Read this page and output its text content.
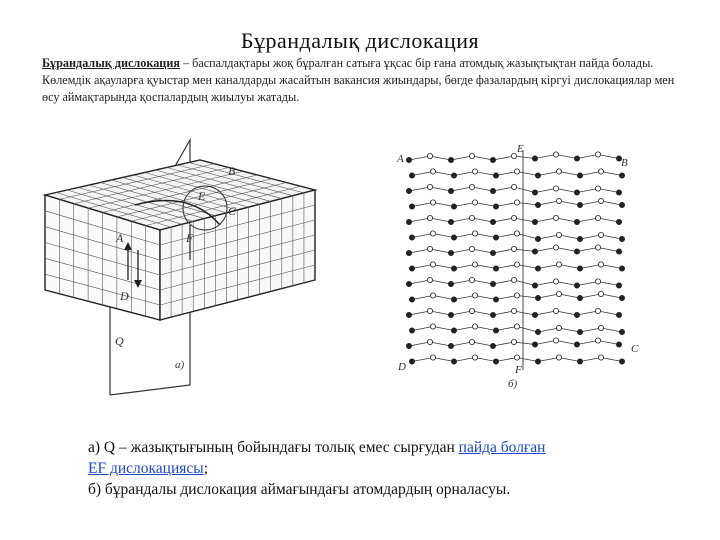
Бұрандалық дислокация
Бұрандалық дислокация – баспалдақтары жоқ бұралған сатыға ұқсас бір ғана атомдық жазықтықтан пайда болады. Көлемдік ақауларға қуыстар мен каналдарды жасайтын вакансия жиындары, бөгде фазалардың кіргуі дислокациялар мен өсу аймақтарында қоспалардың жиылуы жатады.
B
E
C
A	F
D
Q
a)
A
E
B
C
D	F
б)
а) Q – жазықтығының бойындағы толық емес сырғудан пайда болған
EF дислокациясы;
б) бұрандалы дислокация аймағындағы атомдардың орналасуы.
